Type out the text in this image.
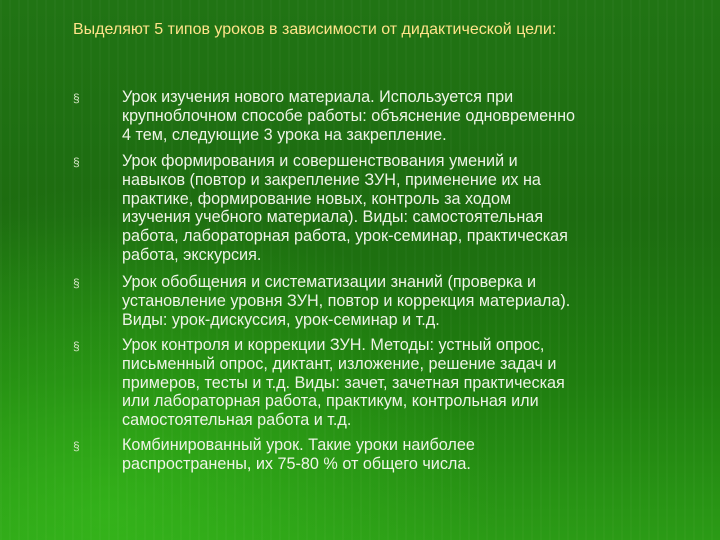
Выделяют 5 типов уроков в зависимости от дидактической цели:
§	Урок изучения нового материала. Используется при
крупноблочном способе работы: объяснение одновременно
4 тем, следующие 3 урока на закрепление.
§	Урок формирования и совершенствования умений и
навыков (повтор и закрепление ЗУН, применение их на
практике, формирование новых, контроль за ходом
изучения учебного материала). Виды: самостоятельная
работа, лабораторная работа, урок-семинар, практическая
работа, экскурсия.
§	Урок обобщения и систематизации знаний (проверка и
установление уровня ЗУН, повтор и коррекция материала).
Виды: урок-дискуссия, урок-семинар и т.д.
§	Урок контроля и коррекции ЗУН. Методы: устный опрос,
письменный опрос, диктант, изложение, решение задач и
примеров, тесты и т.д. Виды: зачет, зачетная практическая
или лабораторная работа, практикум, контрольная или
самостоятельная работа и т.д.
§	Комбинированный урок. Такие уроки наиболее
распространены, их 75-80 % от общего числа.
